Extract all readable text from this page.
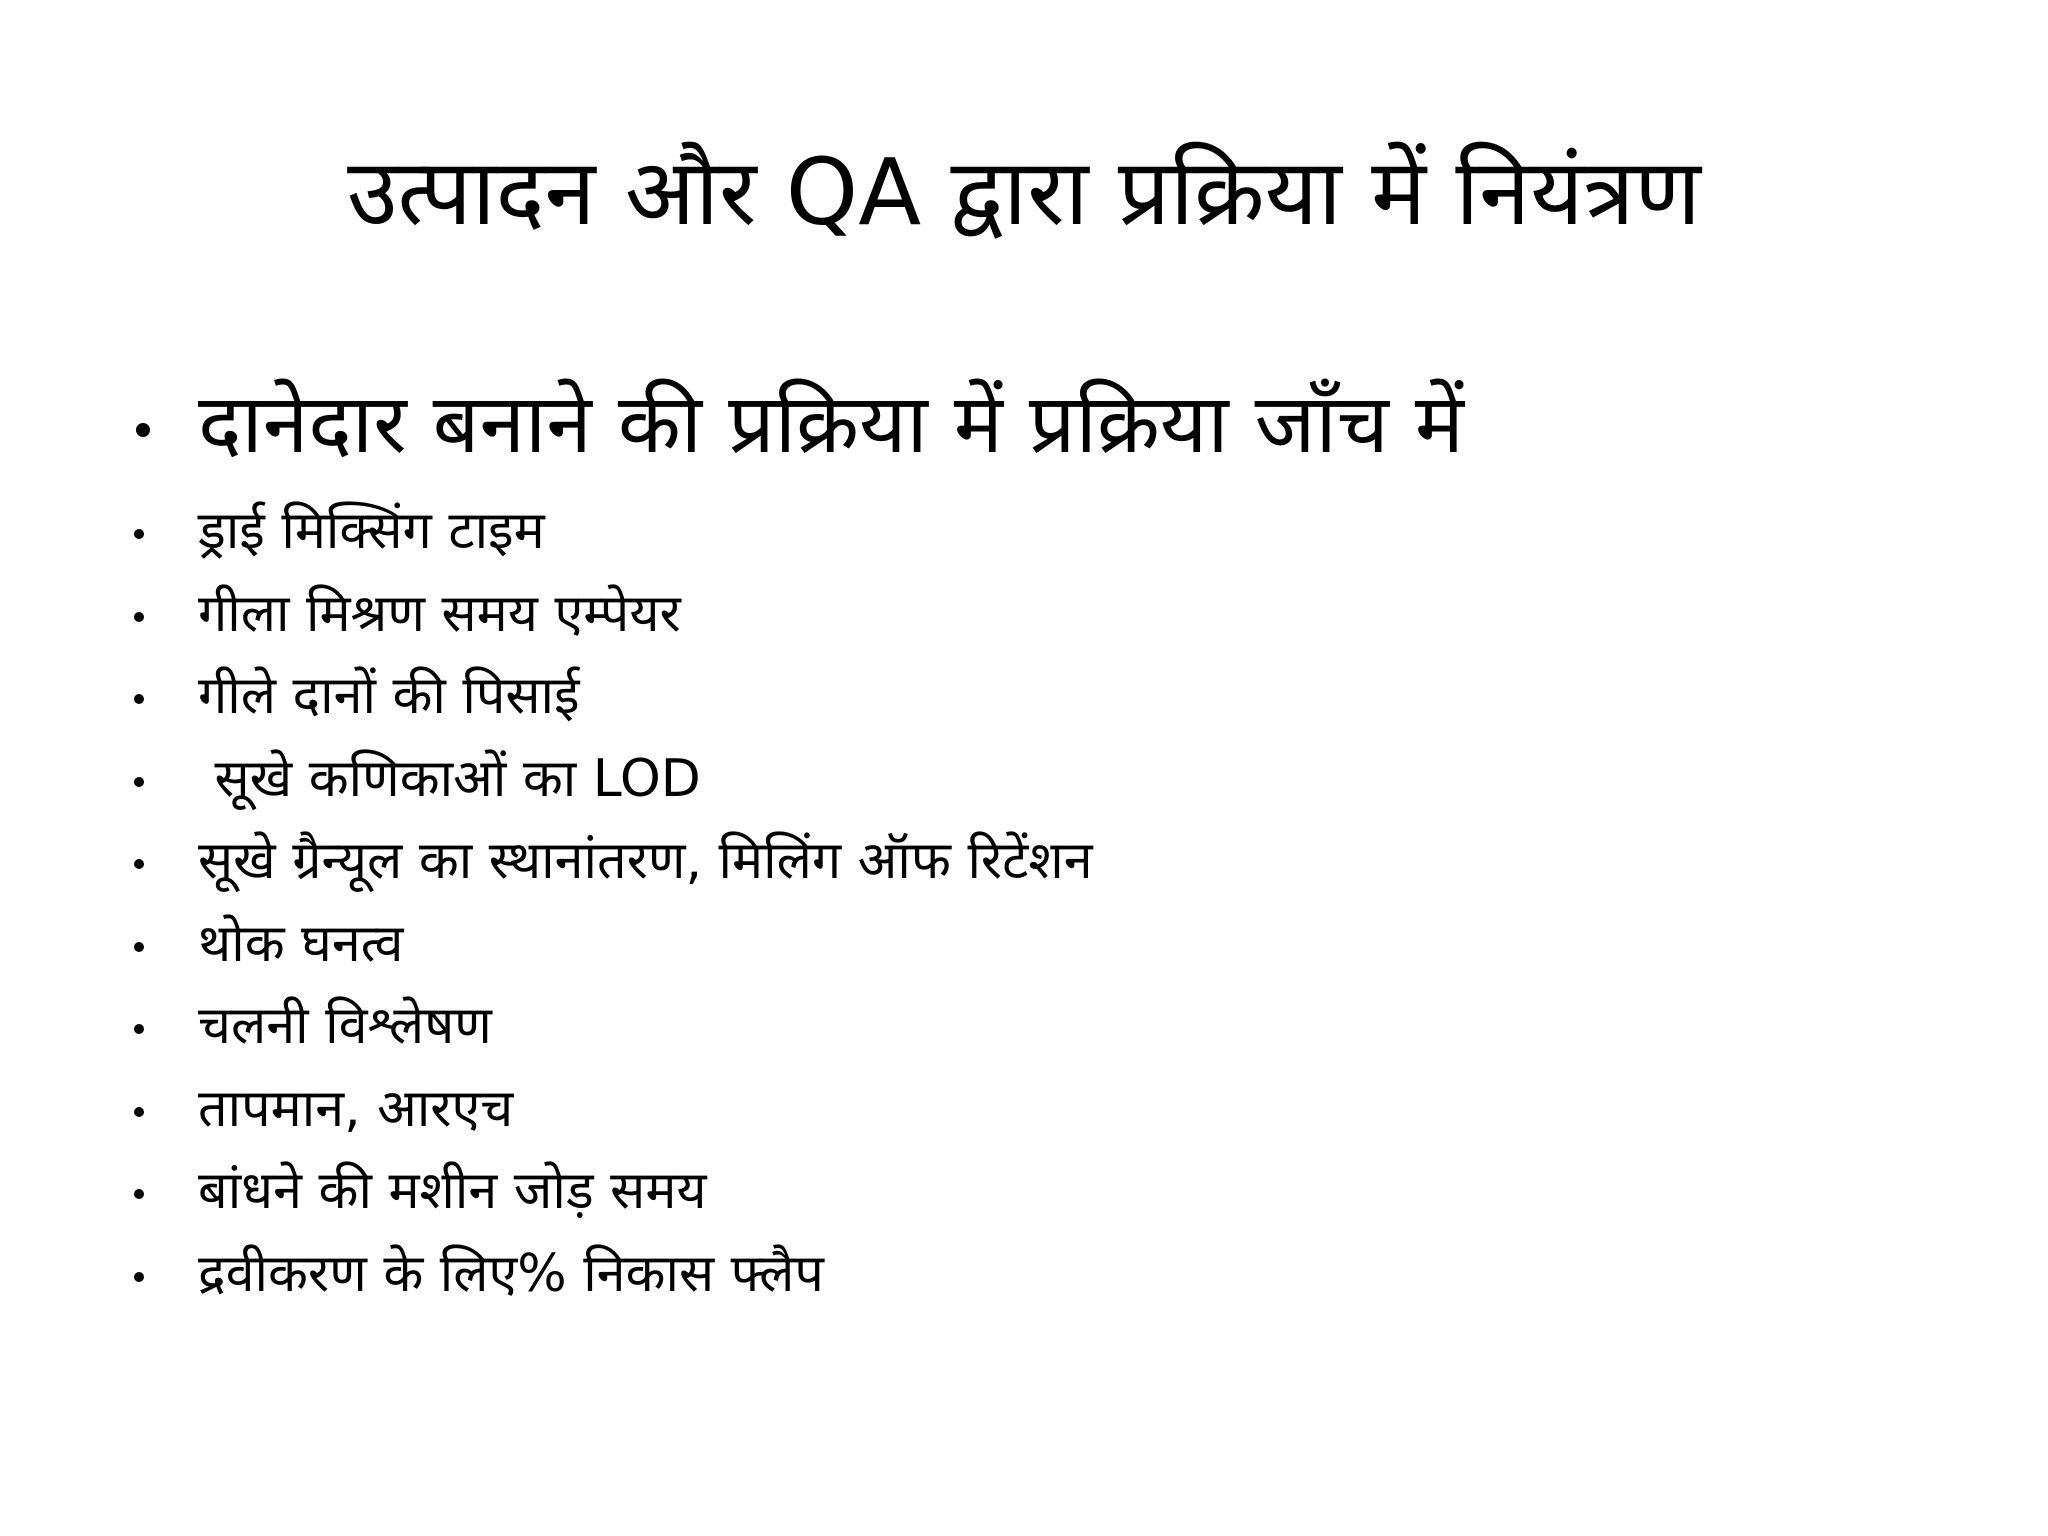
उत्पादन और QA द्वारा प्रक्रिया में नियंत्रण
दानेदार बनाने की प्रक्रिया में प्रक्रिया जाँच में
ड्राई मिक्सिंग टाइम
गीला मिश्रण समय एम्पेयर
गीले दानों की पिसाई
सूखे कणिकाओं का LOD
सूखे ग्रैन्यूल का स्थानांतरण, मिलिंग ऑफ रिटेंशन
थोक घनत्व
चलनी विश्लेषण
तापमान, आरएच
बांधने की मशीन जोड़ समय
द्रवीकरण के लिए% निकास फ्लैप
